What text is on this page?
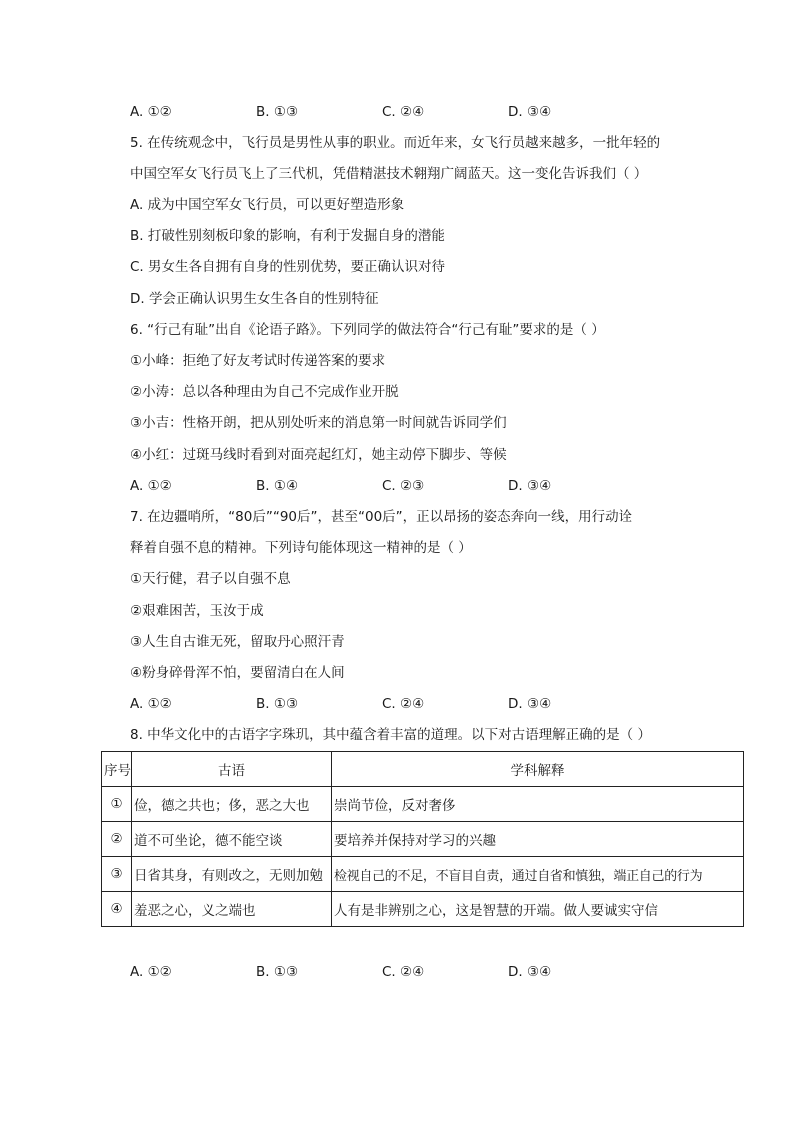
A. ①②	B. ①③	C. ②④	D. ③④
5. 在传统观念中，飞行员是男性从事的职业。而近年来，女飞行员越来越多，一批年轻的
中国空军女飞行员飞上了三代机，凭借精湛技术翱翔广阔蓝天。这一变化告诉我们（ ）
A. 成为中国空军女飞行员，可以更好塑造形象
B. 打破性别刻板印象的影响，有利于发掘自身的潜能
C. 男女生各自拥有自身的性别优势，要正确认识对待
D. 学会正确认识男生女生各自的性别特征
6. “行己有耻”出自《论语子路》。下列同学的做法符合“行己有耻”要求的是（ ）
①小峰：拒绝了好友考试时传递答案的要求
②小涛：总以各种理由为自己不完成作业开脱
③小吉：性格开朗，把从别处听来的消息第一时间就告诉同学们
④小红：过斑马线时看到对面亮起红灯，她主动停下脚步、等候
A. ①②	B. ①④	C. ②③	D. ③④
7. 在边疆哨所，“80后”“90后”，甚至“00后”，正以昂扬的姿态奔向一线，用行动诠
释着自强不息的精神。下列诗句能体现这一精神的是（ ）
①天行健，君子以自强不息
②艰难困苦，玉汝于成
③人生自古谁无死，留取丹心照汗青
④粉身碎骨浑不怕，要留清白在人间
A. ①②	B. ①③	C. ②④	D. ③④
8. 中华文化中的古语字字珠玑，其中蕴含着丰富的道理。以下对古语理解正确的是（ ）
序号	古语	学科解释
①	俭，德之共也；侈，恶之大也	崇尚节俭，反对奢侈
②	道不可坐论，德不能空谈	要培养并保持对学习的兴趣
③	日省其身，有则改之，无则加勉	检视自己的不足，不盲目自责，通过自省和慎独，端正自己的行为
④	羞恶之心，义之端也	人有是非辨别之心，这是智慧的开端。做人要诚实守信
A. ①②	B. ①③	C. ②④	D. ③④
